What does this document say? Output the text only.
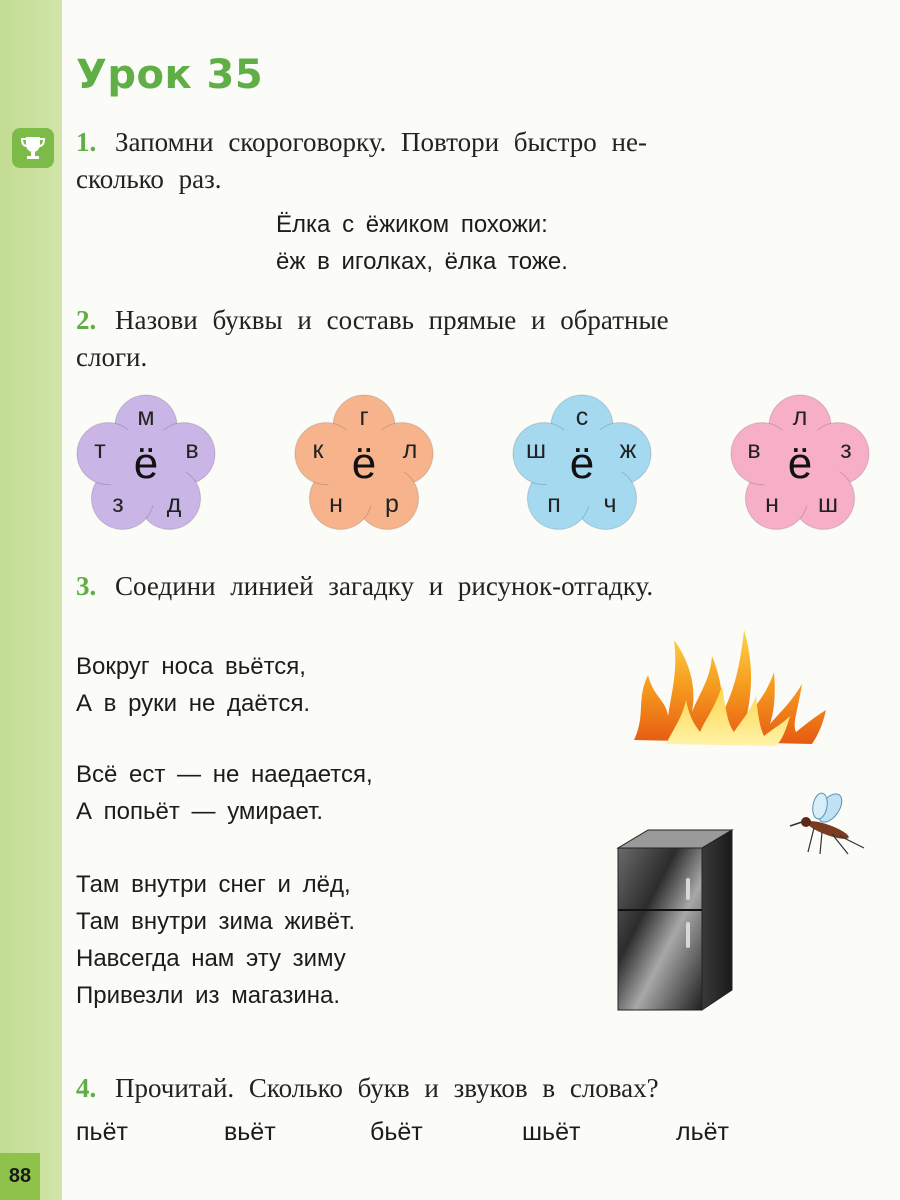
88
Урок 35
1. Запомни скороговорку. Повтори быстро не-
сколько раз.
Ёлка с ёжиком похожи:
ёж в иголках, ёлка тоже.
2. Назови буквы и составь прямые и обратные
слоги.
м
в
д
з
т ё
г
л
р
н
к ё
с
ж
ч
п
ш ё
л
з
ш
н
в ё
3. Соедини линией загадку и рисунок-отгадку.
Вокруг носа вьётся,
А в руки не даётся.
Всё ест — не наедается,
А попьёт — умирает.
Там внутри снег и лёд,
Там внутри зима живёт.
Навсегда нам эту зиму
Привезли из магазина.
4. Прочитай. Сколько букв и звуков в словах?
пьёт	вьёт	бьёт	шьёт	льёт
